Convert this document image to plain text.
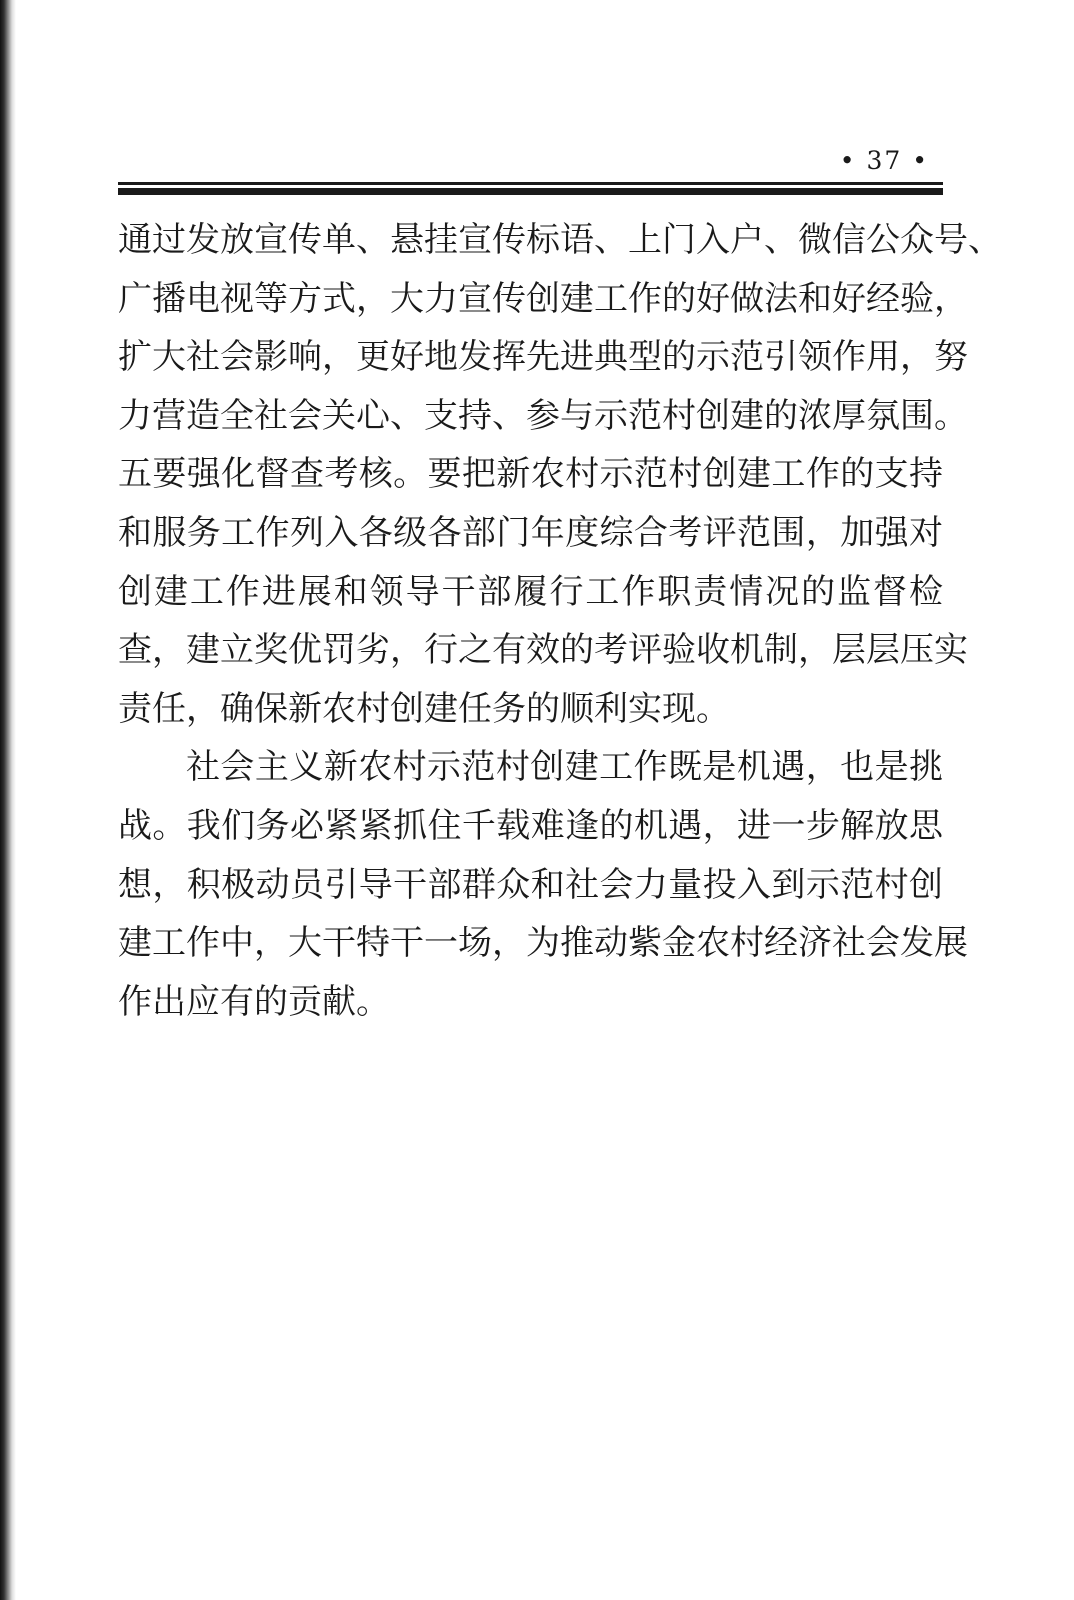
• 37 •
通过发放宣传单、悬挂宣传标语、上门入户、微信公众号、
广播电视等方式，大力宣传创建工作的好做法和好经验，
扩大社会影响，更好地发挥先进典型的示范引领作用，努
力营造全社会关心、支持、参与示范村创建的浓厚氛围。
五要强化督查考核。要把新农村示范村创建工作的支持
和服务工作列入各级各部门年度综合考评范围，加强对
创建工作进展和领导干部履行工作职责情况的监督检
查，建立奖优罚劣，行之有效的考评验收机制，层层压实
责任，确保新农村创建任务的顺利实现。
社会主义新农村示范村创建工作既是机遇，也是挑
战。我们务必紧紧抓住千载难逢的机遇，进一步解放思
想，积极动员引导干部群众和社会力量投入到示范村创
建工作中，大干特干一场，为推动紫金农村经济社会发展
作出应有的贡献。
